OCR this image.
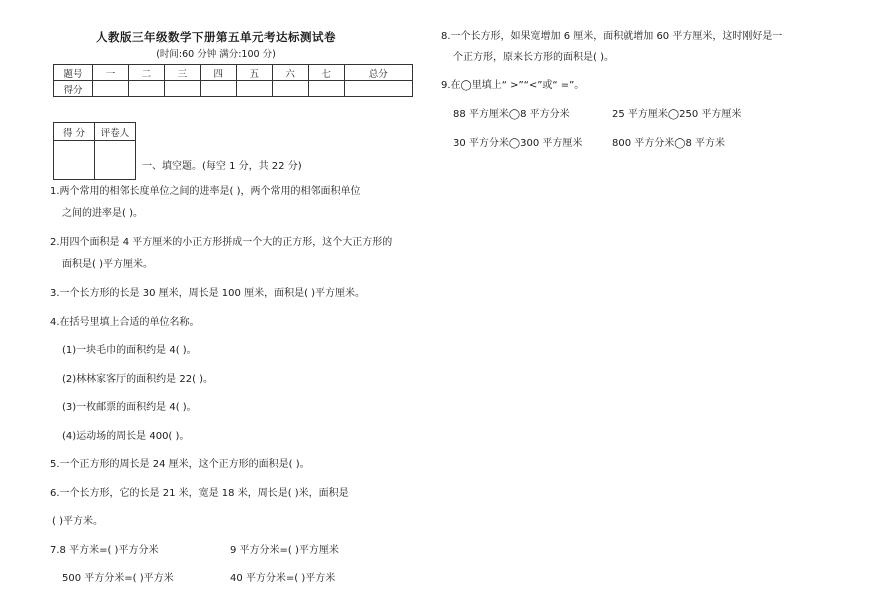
人教版三年级数学下册第五单元考达标测试卷
(时间:60 分钟 满分:100 分)
题号	一	二	三	四	五	六	七	总分
得分								
得 分	评卷人

一、填空题。(每空 1 分，共 22 分)
1.两个常用的相邻长度单位之间的进率是( )，两个常用的相邻面积单位
之间的进率是( )。
2.用四个面积是 4 平方厘米的小正方形拼成一个大的正方形，这个大正方形的
面积是( )平方厘米。
3.一个长方形的长是 30 厘米，周长是 100 厘米，面积是( )平方厘米。
4.在括号里填上合适的单位名称。
(1)一块毛巾的面积约是 4( )。
(2)林林家客厅的面积约是 22( )。
(3)一枚邮票的面积约是 4( )。
(4)运动场的周长是 400( )。
5.一个正方形的周长是 24 厘米，这个正方形的面积是( )。
6.一个长方形，它的长是 21 米，宽是 18 米，周长是( )米，面积是
( )平方米。
7.8 平方米=( )平方分米	9 平方分米=( )平方厘米
500 平方分米=( )平方米	40 平方分米=( )平方米
8.一个长方形，如果宽增加 6 厘米，面积就增加 60 平方厘米，这时刚好是一
个正方形，原来长方形的面积是( )。
9.在◯里填上“ >”“<”或“ =”。
88 平方厘米◯8 平方分米	25 平方厘米◯250 平方厘米
30 平方分米◯300 平方厘米	800 平方分米◯8 平方米
